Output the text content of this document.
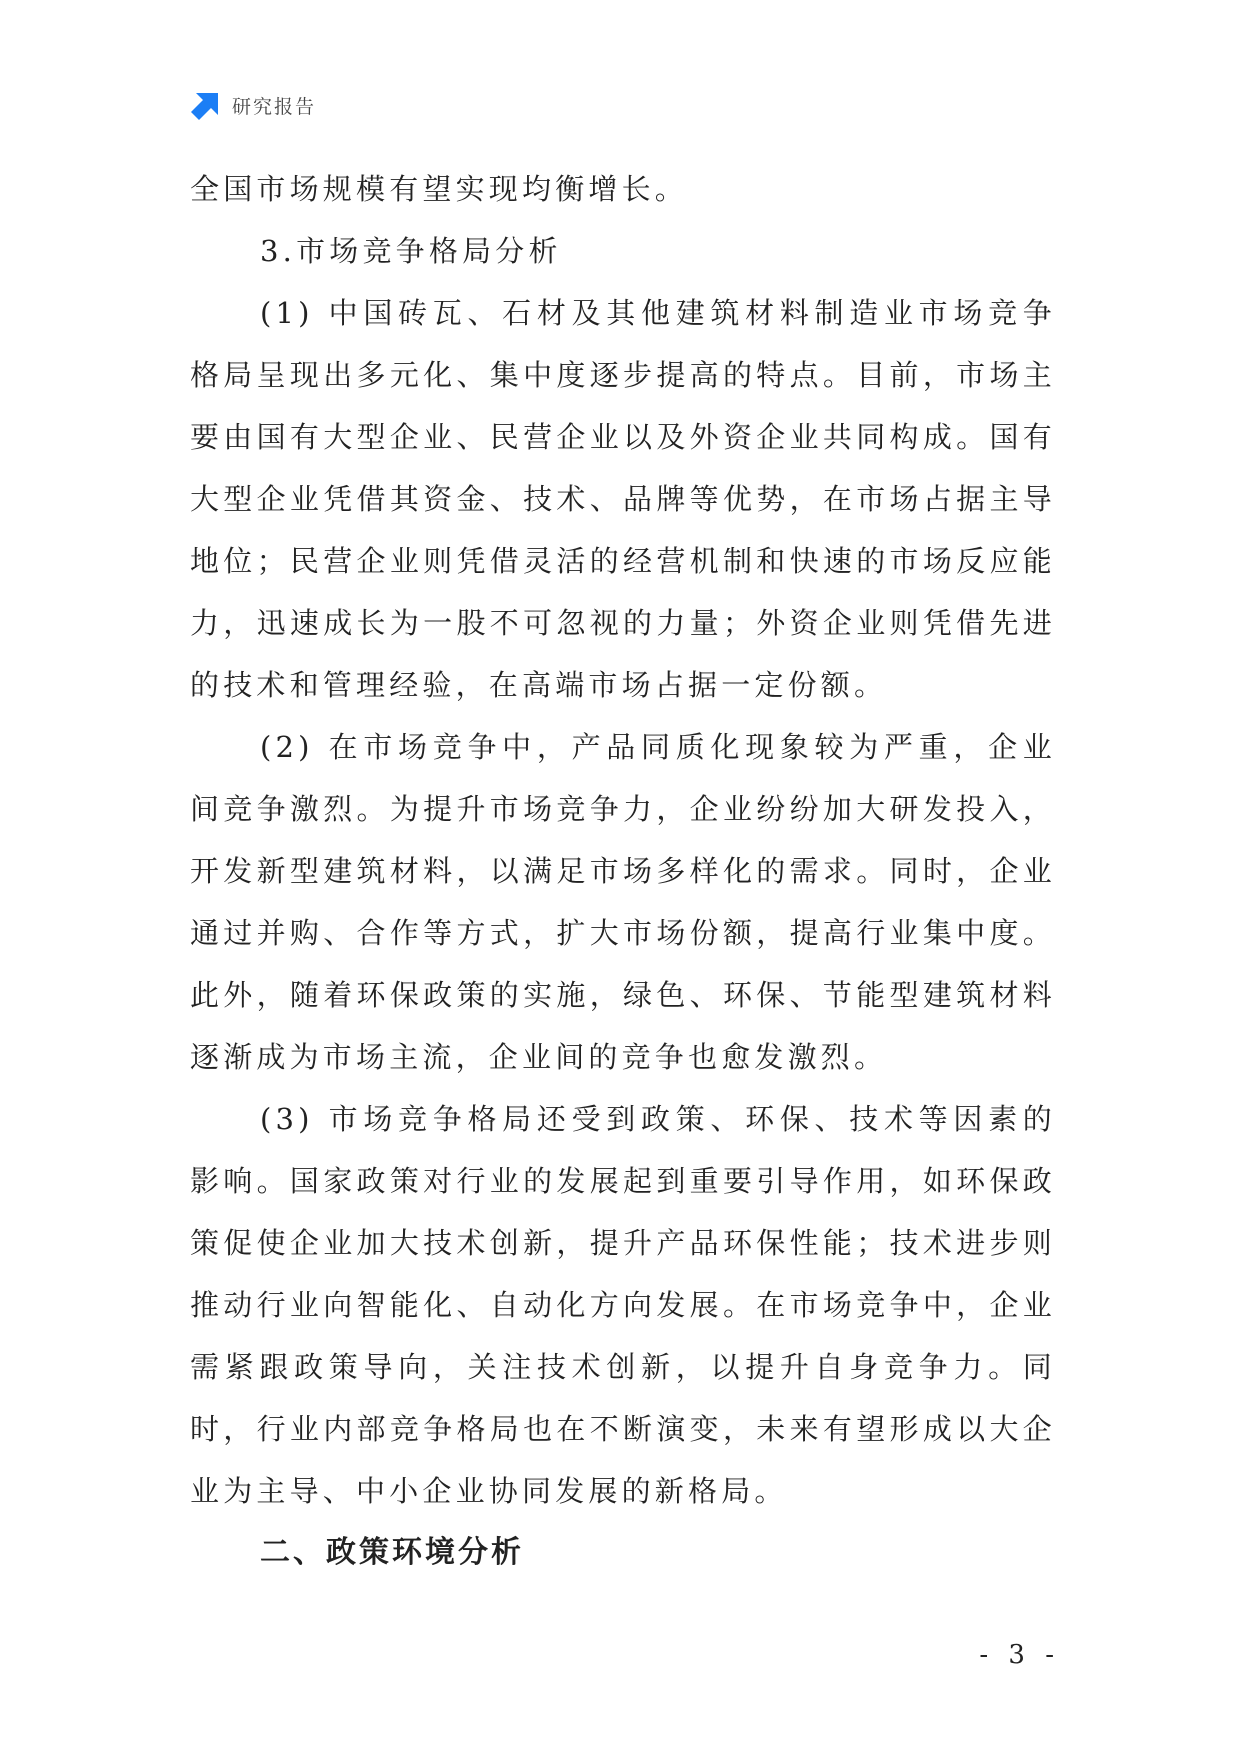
研究报告

全国市场规模有望实现均衡增长。

3.市场竞争格局分析

(1) 中国砖瓦、石材及其他建筑材料制造业市场竞争格局呈现出多元化、集中度逐步提高的特点。目前，市场主要由国有大型企业、民营企业以及外资企业共同构成。国有大型企业凭借其资金、技术、品牌等优势，在市场占据主导地位；民营企业则凭借灵活的经营机制和快速的市场反应能力，迅速成长为一股不可忽视的力量；外资企业则凭借先进的技术和管理经验，在高端市场占据一定份额。

(2) 在市场竞争中，产品同质化现象较为严重，企业间竞争激烈。为提升市场竞争力，企业纷纷加大研发投入，开发新型建筑材料，以满足市场多样化的需求。同时，企业通过并购、合作等方式，扩大市场份额，提高行业集中度。此外，随着环保政策的实施，绿色、环保、节能型建筑材料逐渐成为市场主流，企业间的竞争也愈发激烈。

(3) 市场竞争格局还受到政策、环保、技术等因素的影响。国家政策对行业的发展起到重要引导作用，如环保政策促使企业加大技术创新，提升产品环保性能；技术进步则推动行业向智能化、自动化方向发展。在市场竞争中，企业需紧跟政策导向，关注技术创新，以提升自身竞争力。同时，行业内部竞争格局也在不断演变，未来有望形成以大企业为主导、中小企业协同发展的新格局。

二、政策环境分析

- 3 -
